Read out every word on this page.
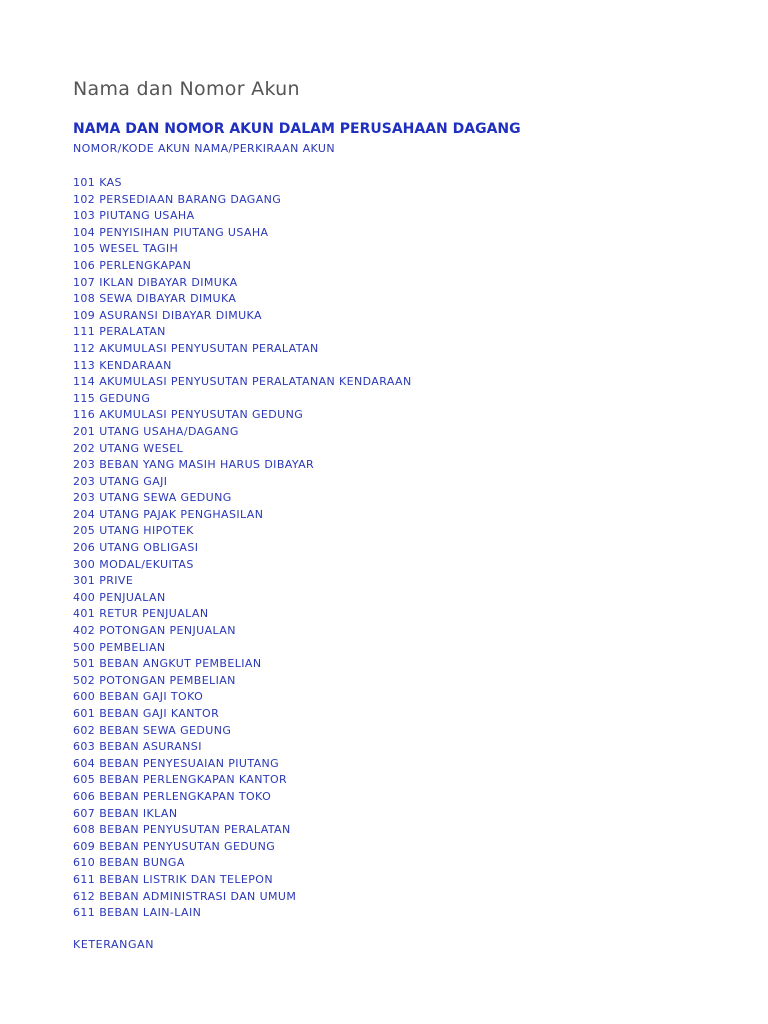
Nama dan Nomor Akun
NAMA DAN NOMOR AKUN DALAM PERUSAHAAN DAGANG
NOMOR/KODE AKUN NAMA/PERKIRAAN AKUN
101 KAS
102 PERSEDIAAN BARANG DAGANG
103 PIUTANG USAHA
104 PENYISIHAN PIUTANG USAHA
105 WESEL TAGIH
106 PERLENGKAPAN
107 IKLAN DIBAYAR DIMUKA
108 SEWA DIBAYAR DIMUKA
109 ASURANSI DIBAYAR DIMUKA
111 PERALATAN
112 AKUMULASI PENYUSUTAN PERALATAN
113 KENDARAAN
114 AKUMULASI PENYUSUTAN PERALATANAN KENDARAAN
115 GEDUNG
116 AKUMULASI PENYUSUTAN GEDUNG
201 UTANG USAHA/DAGANG
202 UTANG WESEL
203 BEBAN YANG MASIH HARUS DIBAYAR
203 UTANG GAJI
203 UTANG SEWA GEDUNG
204 UTANG PAJAK PENGHASILAN
205 UTANG HIPOTEK
206 UTANG OBLIGASI
300 MODAL/EKUITAS
301 PRIVE
400 PENJUALAN
401 RETUR PENJUALAN
402 POTONGAN PENJUALAN
500 PEMBELIAN
501 BEBAN ANGKUT PEMBELIAN
502 POTONGAN PEMBELIAN
600 BEBAN GAJI TOKO
601 BEBAN GAJI KANTOR
602 BEBAN SEWA GEDUNG
603 BEBAN ASURANSI
604 BEBAN PENYESUAIAN PIUTANG
605 BEBAN PERLENGKAPAN KANTOR
606 BEBAN PERLENGKAPAN TOKO
607 BEBAN IKLAN
608 BEBAN PENYUSUTAN PERALATAN
609 BEBAN PENYUSUTAN GEDUNG
610 BEBAN BUNGA
611 BEBAN LISTRIK DAN TELEPON
612 BEBAN ADMINISTRASI DAN UMUM
611 BEBAN LAIN-LAIN
KETERANGAN
